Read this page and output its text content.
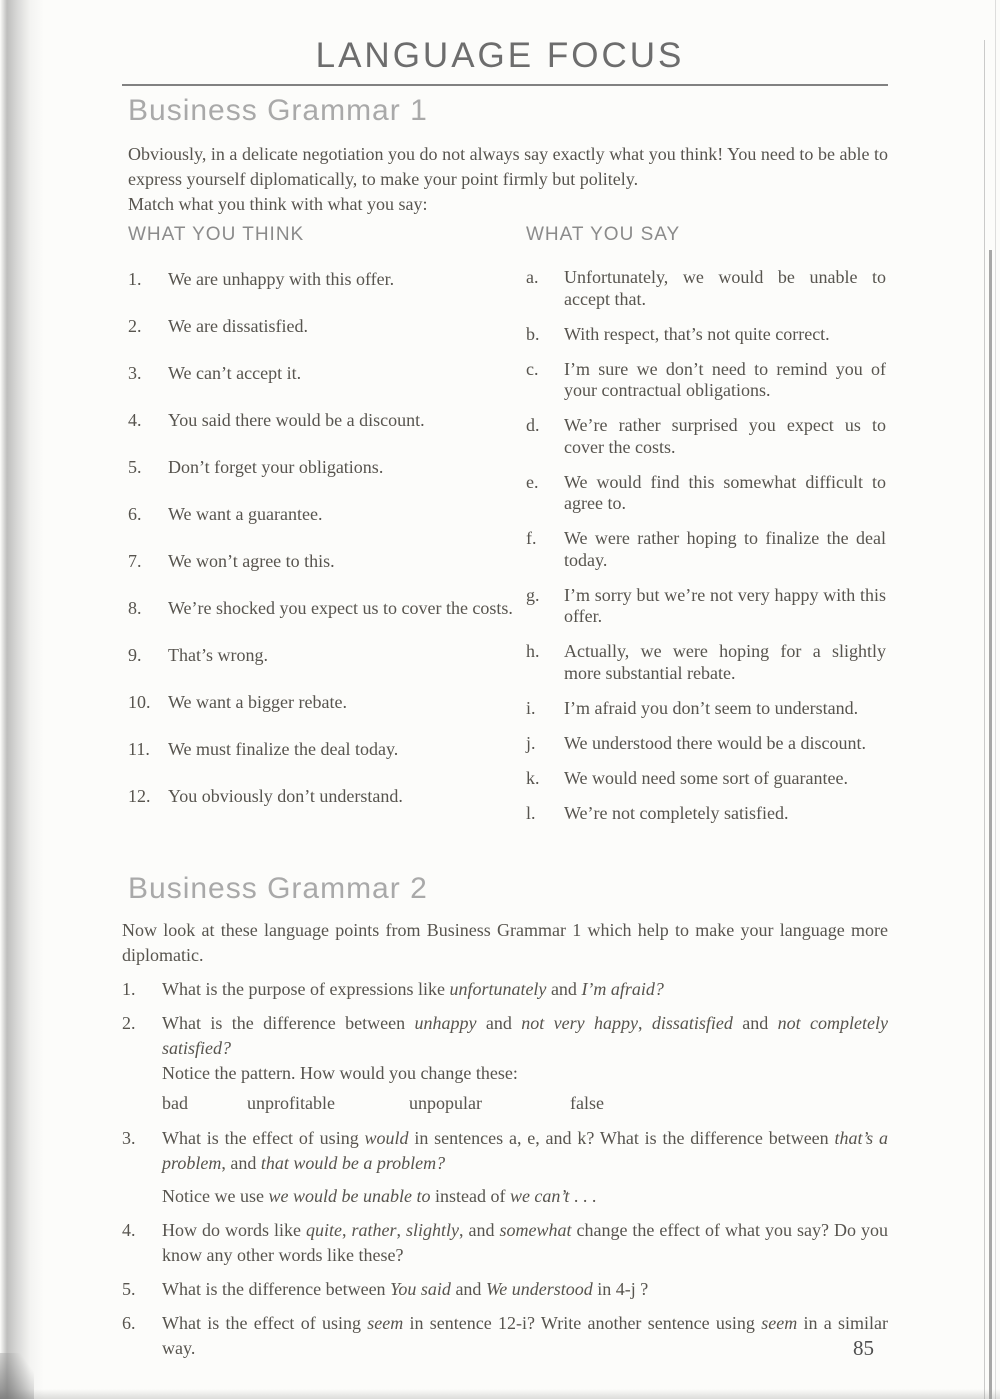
LANGUAGE FOCUS
Business Grammar 1

Obviously, in a delicate negotiation you do not always say exactly what you think! You need to be able to express yourself diplomatically, to make your point firmly but politely.

Match what you think with what you say:

WHAT YOU THINK
1.	We are unhappy with this offer.
2.	We are dissatisfied.
3.	We can’t accept it.
4.	You said there would be a discount.
5.	Don’t forget your obligations.
6.	We want a guarantee.
7.	We won’t agree to this.
8.	We’re shocked you expect us to cover the costs.
9.	That’s wrong.
10. We want a bigger rebate.
11.	We must finalize the deal today.
12. You obviously don’t understand.
WHAT YOU SAY
a.	Unfortunately, we would be unable to accept that.
b.	With respect, that’s not quite correct.
c.	I’m sure we don’t need to remind you of your contractual obligations.
d.	We’re rather surprised you expect us to cover the costs.
e.	We would find this somewhat difficult to agree to.
f.	We were rather hoping to finalize the deal today.
g.	I’m sorry but we’re not very happy with this offer.
h.	Actually, we were hoping for a slightly more substantial rebate.
i.	I’m afraid you don’t seem to understand.
j.	We understood there would be a discount.
k.	We would need some sort of guarantee.
l.	We’re not completely satisfied.
Business Grammar 2

Now look at these language points from Business Grammar 1 which help to make your language more diplomatic.

1.	What is the purpose of expressions like unfortunately and I’m afraid?

2.	What is the difference between unhappy and not very happy, dissatisfied and not completely satisfied?

Notice the pattern. How would you change these:

bad	unprofitable	unpopular	false

3.	What is the effect of using would in sentences a, e, and k? What is the difference between that’s a problem, and that would be a problem?

Notice we use we would be unable to instead of we can’t . . .

4.	How do words like quite, rather, slightly, and somewhat change the effect of what you say? Do you know any other words like these?

5.	What is the difference between You said and We understood in 4-j ?

6.	What is the effect of using seem in sentence 12-i? Write another sentence using seem in a similar way.	85
